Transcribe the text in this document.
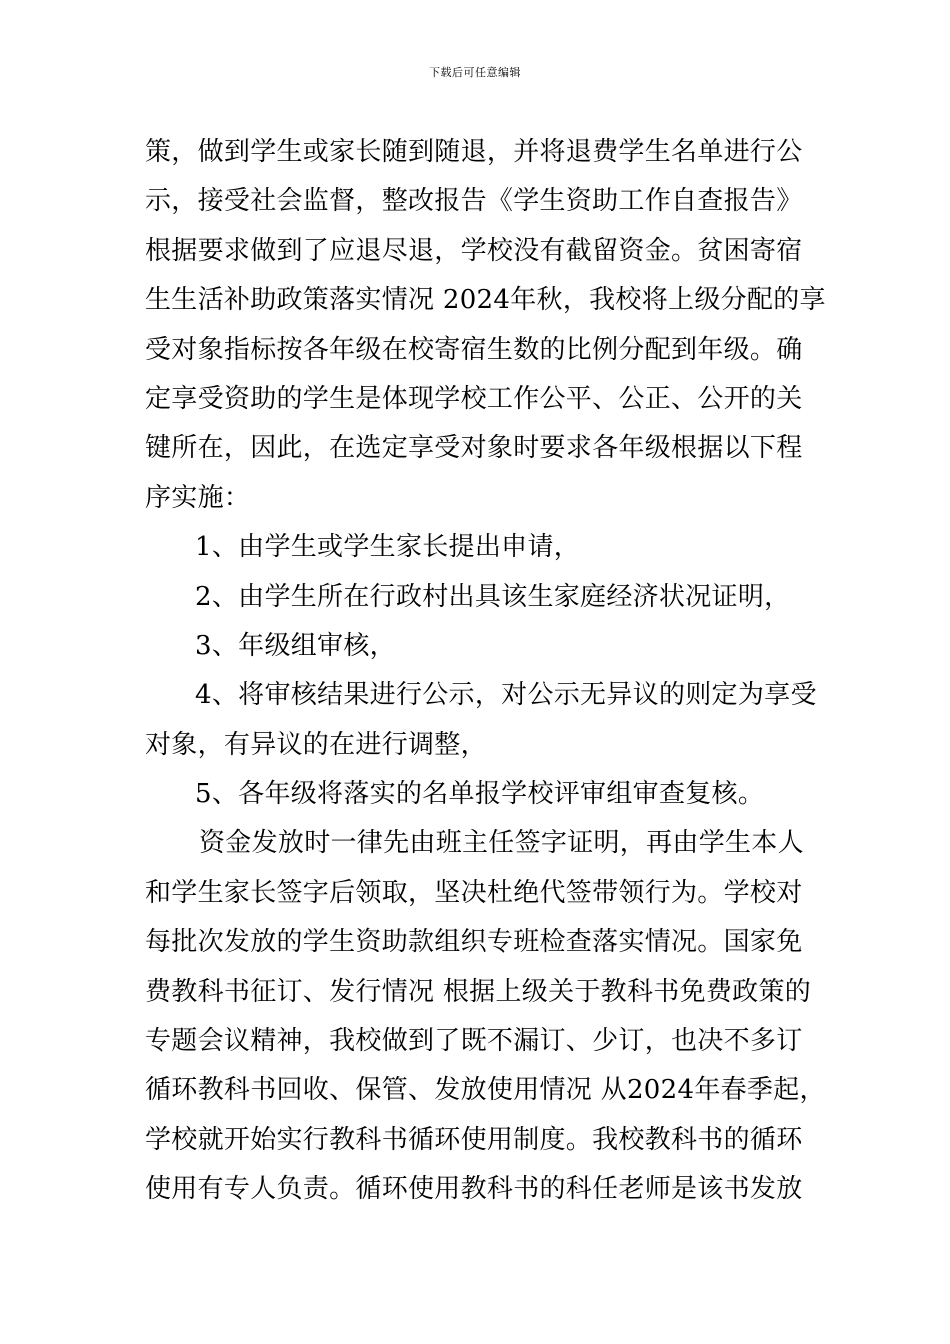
下载后可任意编辑
策，做到学生或家长随到随退，并将退费学生名单进行公
示，接受社会监督，整改报告《学生资助工作自查报告》
根据要求做到了应退尽退，学校没有截留资金。贫困寄宿
生生活补助政策落实情况 2024年秋，我校将上级分配的享
受对象指标按各年级在校寄宿生数的比例分配到年级。确
定享受资助的学生是体现学校工作公平、公正、公开的关
键所在，因此，在选定享受对象时要求各年级根据以下程
序实施：
1、由学生或学生家长提出申请，
2、由学生所在行政村出具该生家庭经济状况证明，
3、年级组审核，
4、将审核结果进行公示，对公示无异议的则定为享受
对象，有异议的在进行调整，
5、各年级将落实的名单报学校评审组审查复核。
资金发放时一律先由班主任签字证明，再由学生本人
和学生家长签字后领取，坚决杜绝代签带领行为。学校对
每批次发放的学生资助款组织专班检查落实情况。国家免
费教科书征订、发行情况 根据上级关于教科书免费政策的
专题会议精神，我校做到了既不漏订、少订，也决不多订
循环教科书回收、保管、发放使用情况 从2024年春季起，
学校就开始实行教科书循环使用制度。我校教科书的循环
使用有专人负责。循环使用教科书的科任老师是该书发放
